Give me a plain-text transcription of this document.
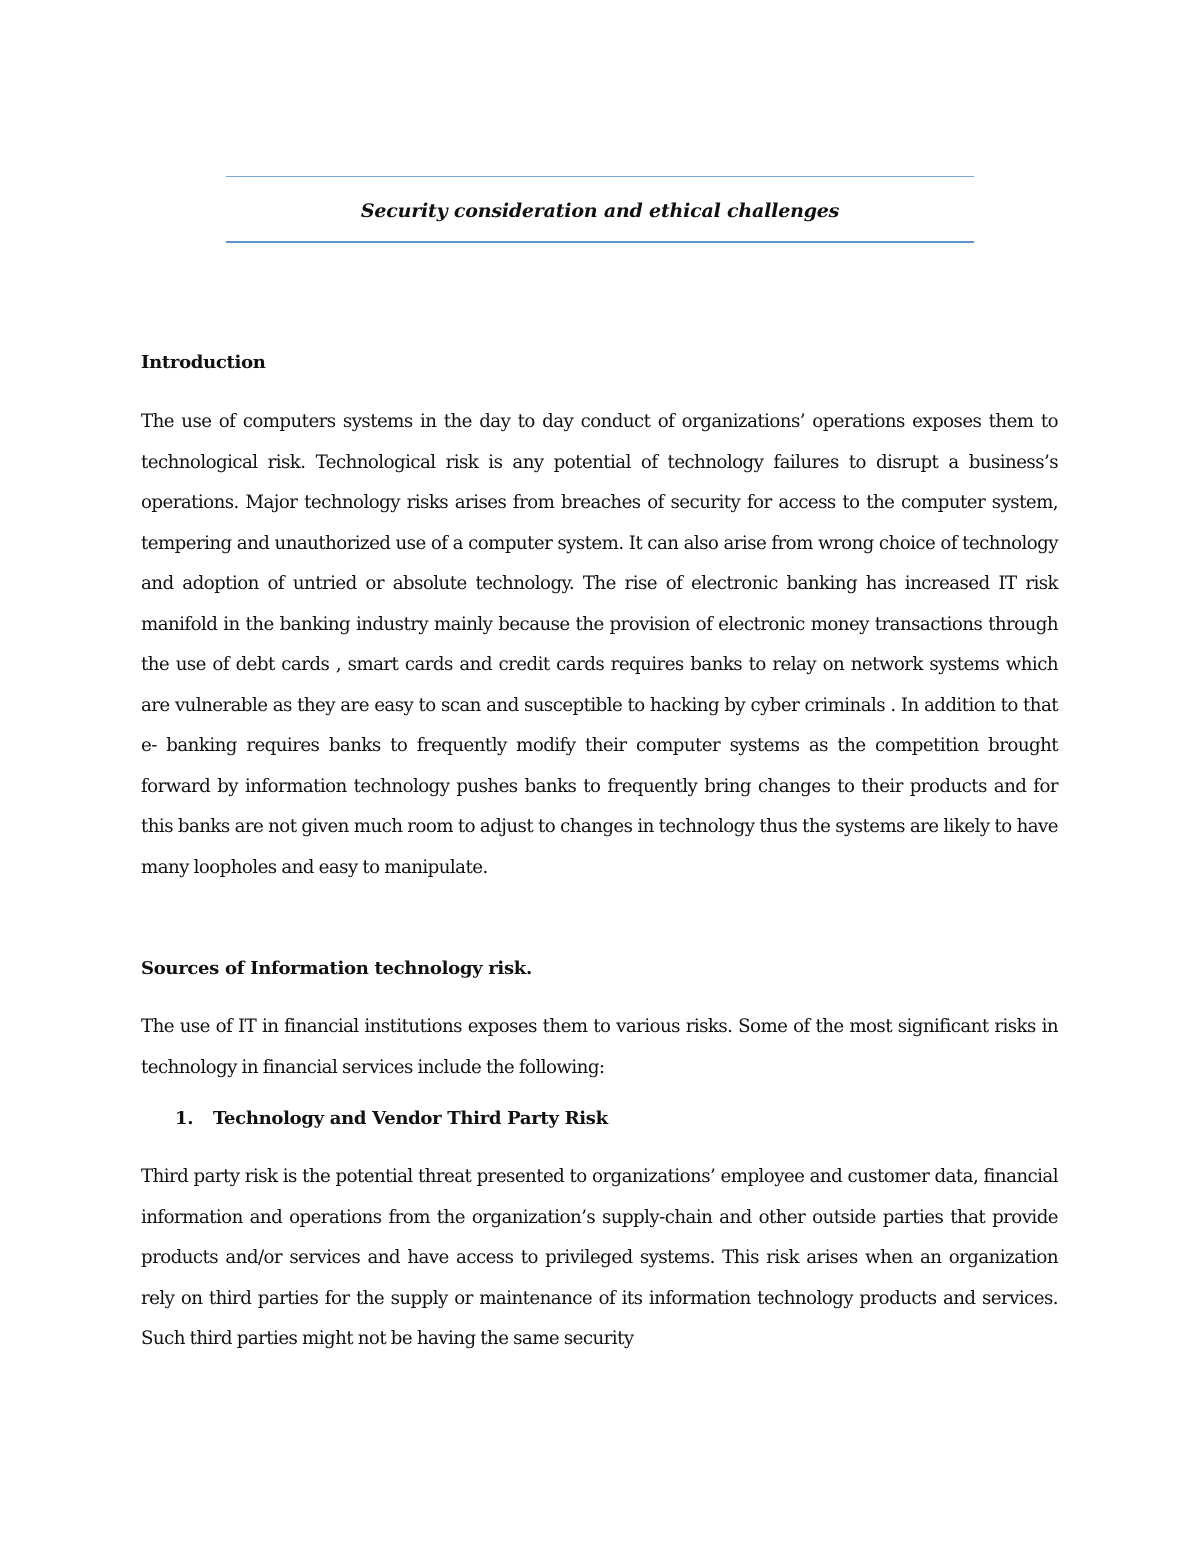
Security consideration and ethical challenges
Introduction

The use of computers systems in the day to day conduct of organizations’ operations exposes them to technological risk. Technological risk is any potential of technology failures to disrupt a business’s operations. Major technology risks arises from breaches of security for access to the computer system, tempering and unauthorized use of a computer system. It can also arise from wrong choice of technology and adoption of untried or absolute technology. The rise of electronic banking has increased IT risk manifold in the banking industry mainly because the provision of electronic money transactions through the use of debt cards , smart cards and credit cards requires banks to relay on network systems which are vulnerable as they are easy to scan and susceptible to hacking by cyber criminals . In addition to that e- banking requires banks to frequently modify their computer systems as the competition brought forward by information technology pushes banks to frequently bring changes to their products and for this banks are not given much room to adjust to changes in technology thus the systems are likely to have many loopholes and easy to manipulate.

Sources of Information technology risk.

The use of IT in financial institutions exposes them to various risks. Some of the most significant risks in technology in financial services include the following:

1. Technology and Vendor Third Party Risk

Third party risk is the potential threat presented to organizations’ employee and customer data, financial information and operations from the organization’s supply-chain and other outside parties that provide products and/or services and have access to privileged systems. This risk arises when an organization rely on third parties for the supply or maintenance of its information technology products and services. Such third parties might not be having the same security
